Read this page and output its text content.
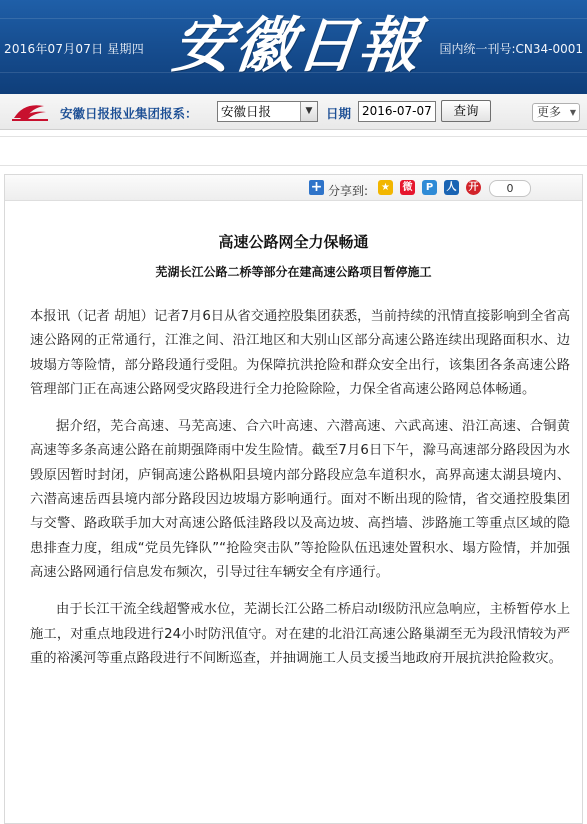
2016年07月07日 星期四 安徽日報 国内统一刊号:CN34-0001
安徽日报报业集团报系：	安徽日报	▼	日期 2016-07-07	查询	更多 ▼
+ 分享到:	★	微	P	人 开	0
高速公路网全力保畅通
芜湖长江公路二桥等部分在建高速公路项目暂停施工

本报讯（记者 胡旭）记者7月6日从省交通控股集团获悉，当前持续的汛情直接影响到全省高速公路网的正常通行，江淮之间、沿江地区和大别山区部分高速公路连续出现路面积水、边坡塌方等险情，部分路段通行受阻。为保障抗洪抢险和群众安全出行，该集团各条高速公路管理部门正在高速公路网受灾路段进行全力抢险除险，力保全省高速公路网总体畅通。

据介绍，芜合高速、马芜高速、合六叶高速、六潜高速、六武高速、沿江高速、合铜黄高速等多条高速公路在前期强降雨中发生险情。截至7月6日下午，滁马高速部分路段因为水毁原因暂时封闭，庐铜高速公路枞阳县境内部分路段应急车道积水，高界高速太湖县境内、六潜高速岳西县境内部分路段因边坡塌方影响通行。面对不断出现的险情，省交通控股集团与交警、路政联手加大对高速公路低洼路段以及高边坡、高挡墙、涉路施工等重点区域的隐患排查力度，组成“党员先锋队”“抢险突击队”等抢险队伍迅速处置积水、塌方险情，并加强高速公路网通行信息发布频次，引导过往车辆安全有序通行。

由于长江干流全线超警戒水位，芜湖长江公路二桥启动Ⅰ级防汛应急响应，主桥暂停水上施工，对重点地段进行24小时防汛值守。对在建的北沿江高速公路巢湖至无为段汛情较为严重的裕溪河等重点路段进行不间断巡查，并抽调施工人员支援当地政府开展抗洪抢险救灾。
